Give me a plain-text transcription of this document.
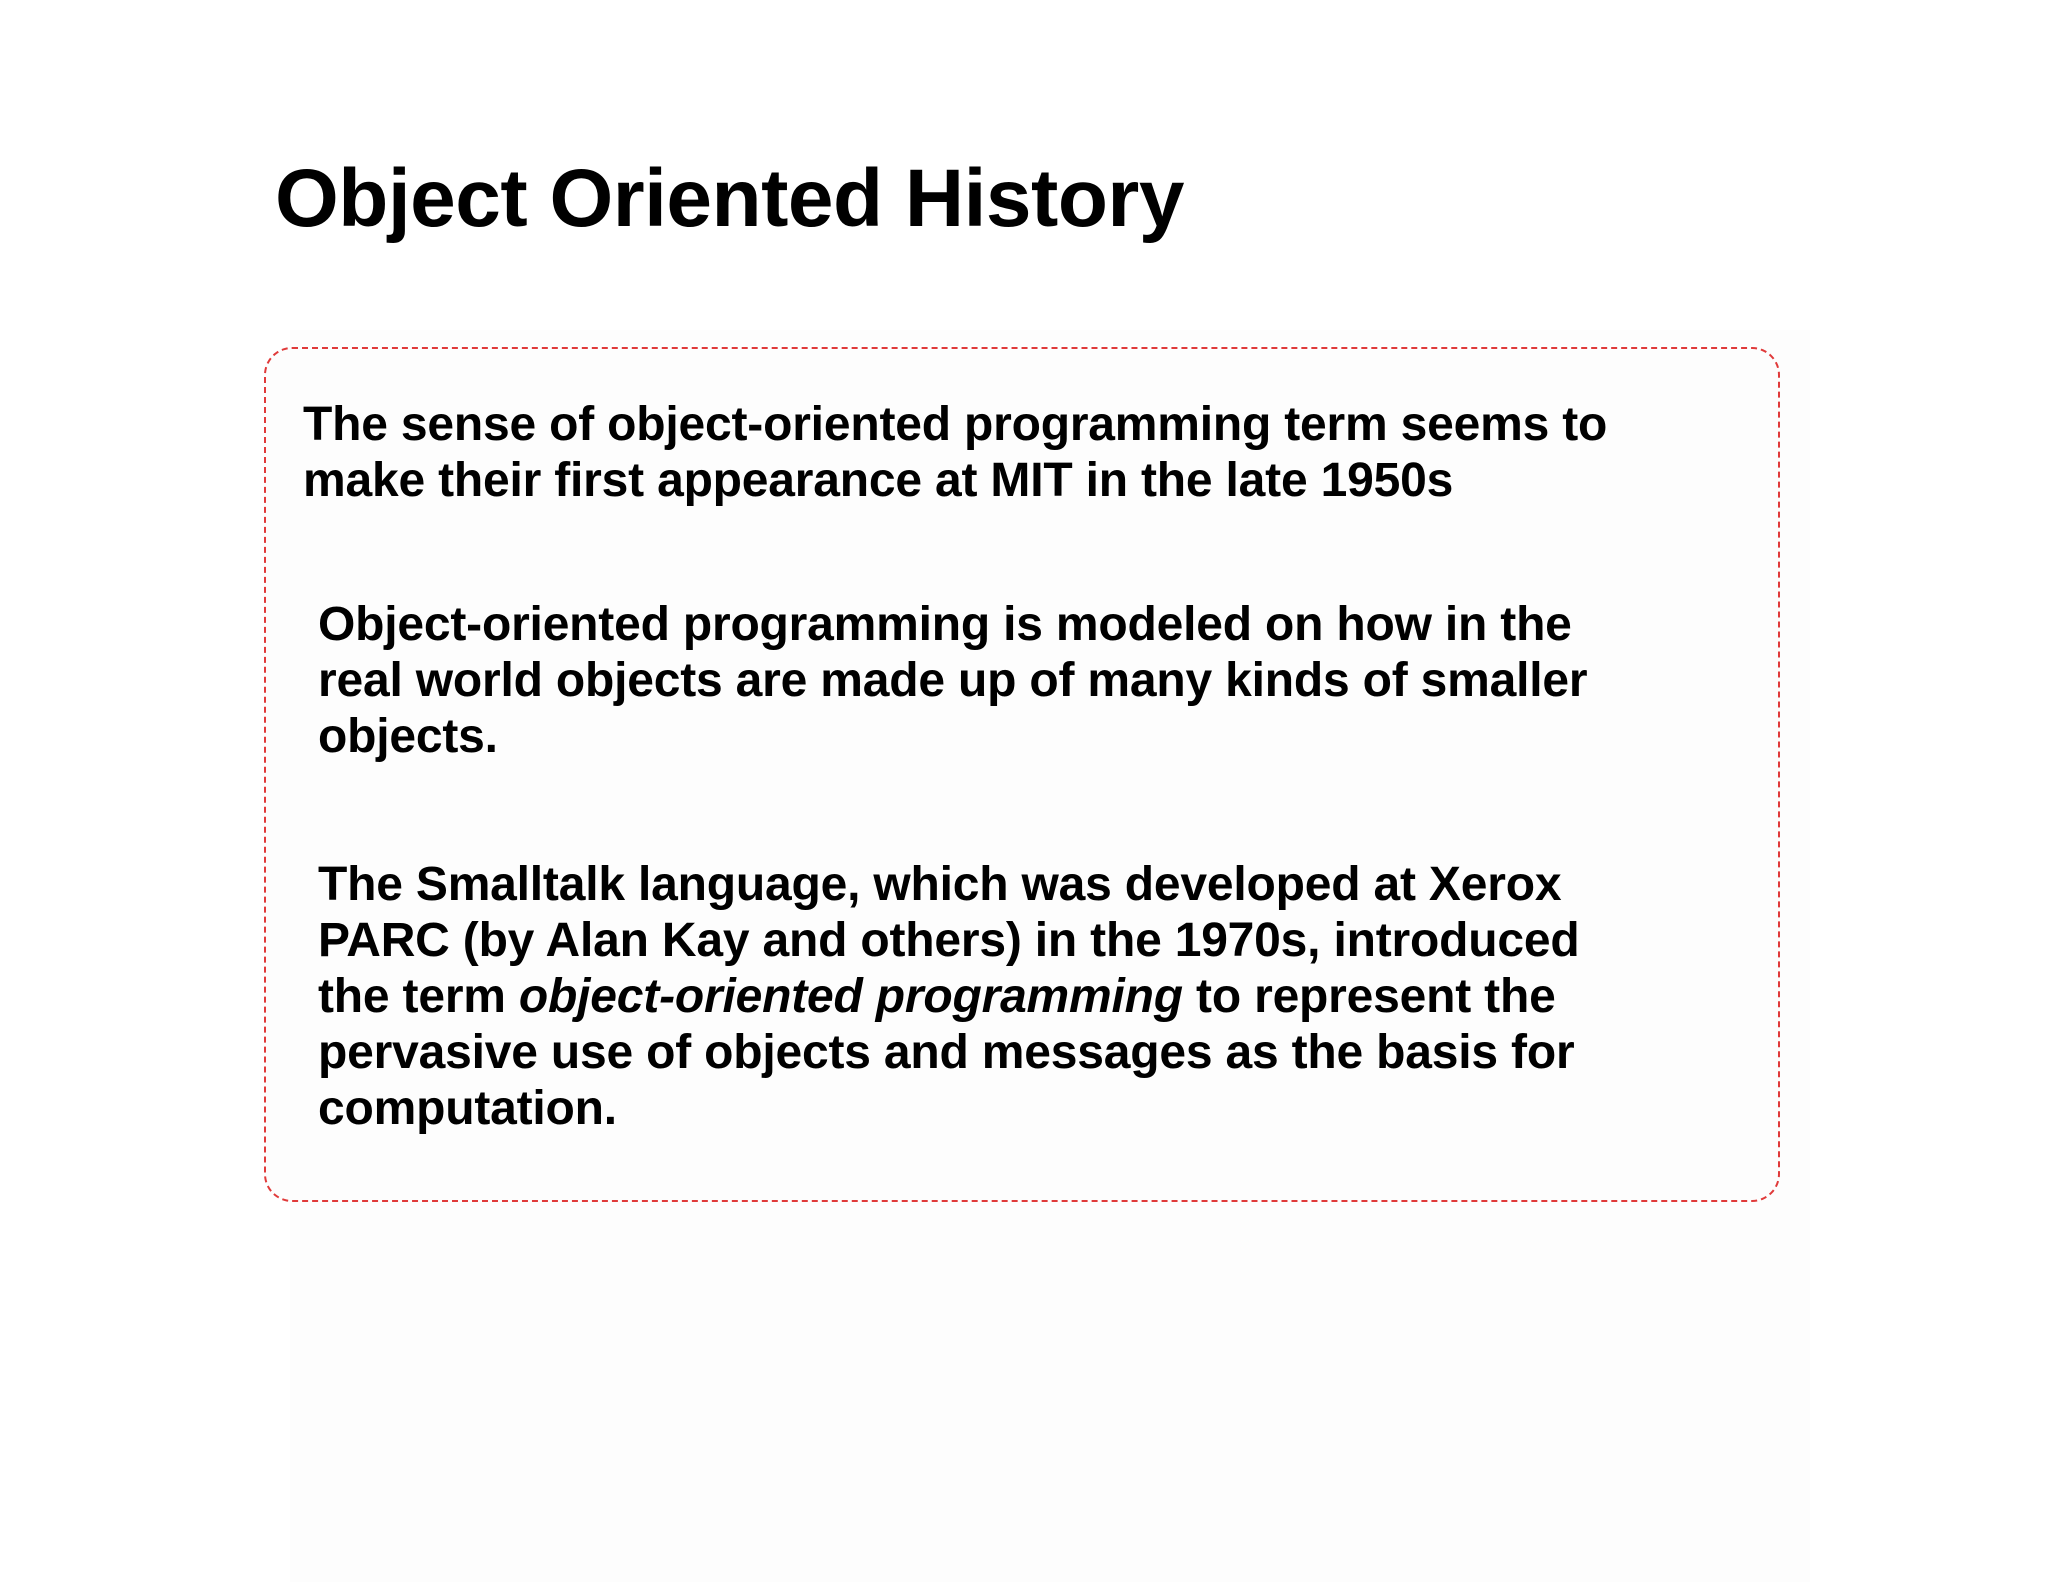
Object Oriented History

The sense of object-oriented programming term seems to
make their first appearance at MIT in the late 1950s

Object-oriented programming is modeled on how in the
real world objects are made up of many kinds of smaller
objects.

The Smalltalk language, which was developed at Xerox
PARC (by Alan Kay and others) in the 1970s, introduced
the term object-oriented programming to represent the
pervasive use of objects and messages as the basis for
computation.
